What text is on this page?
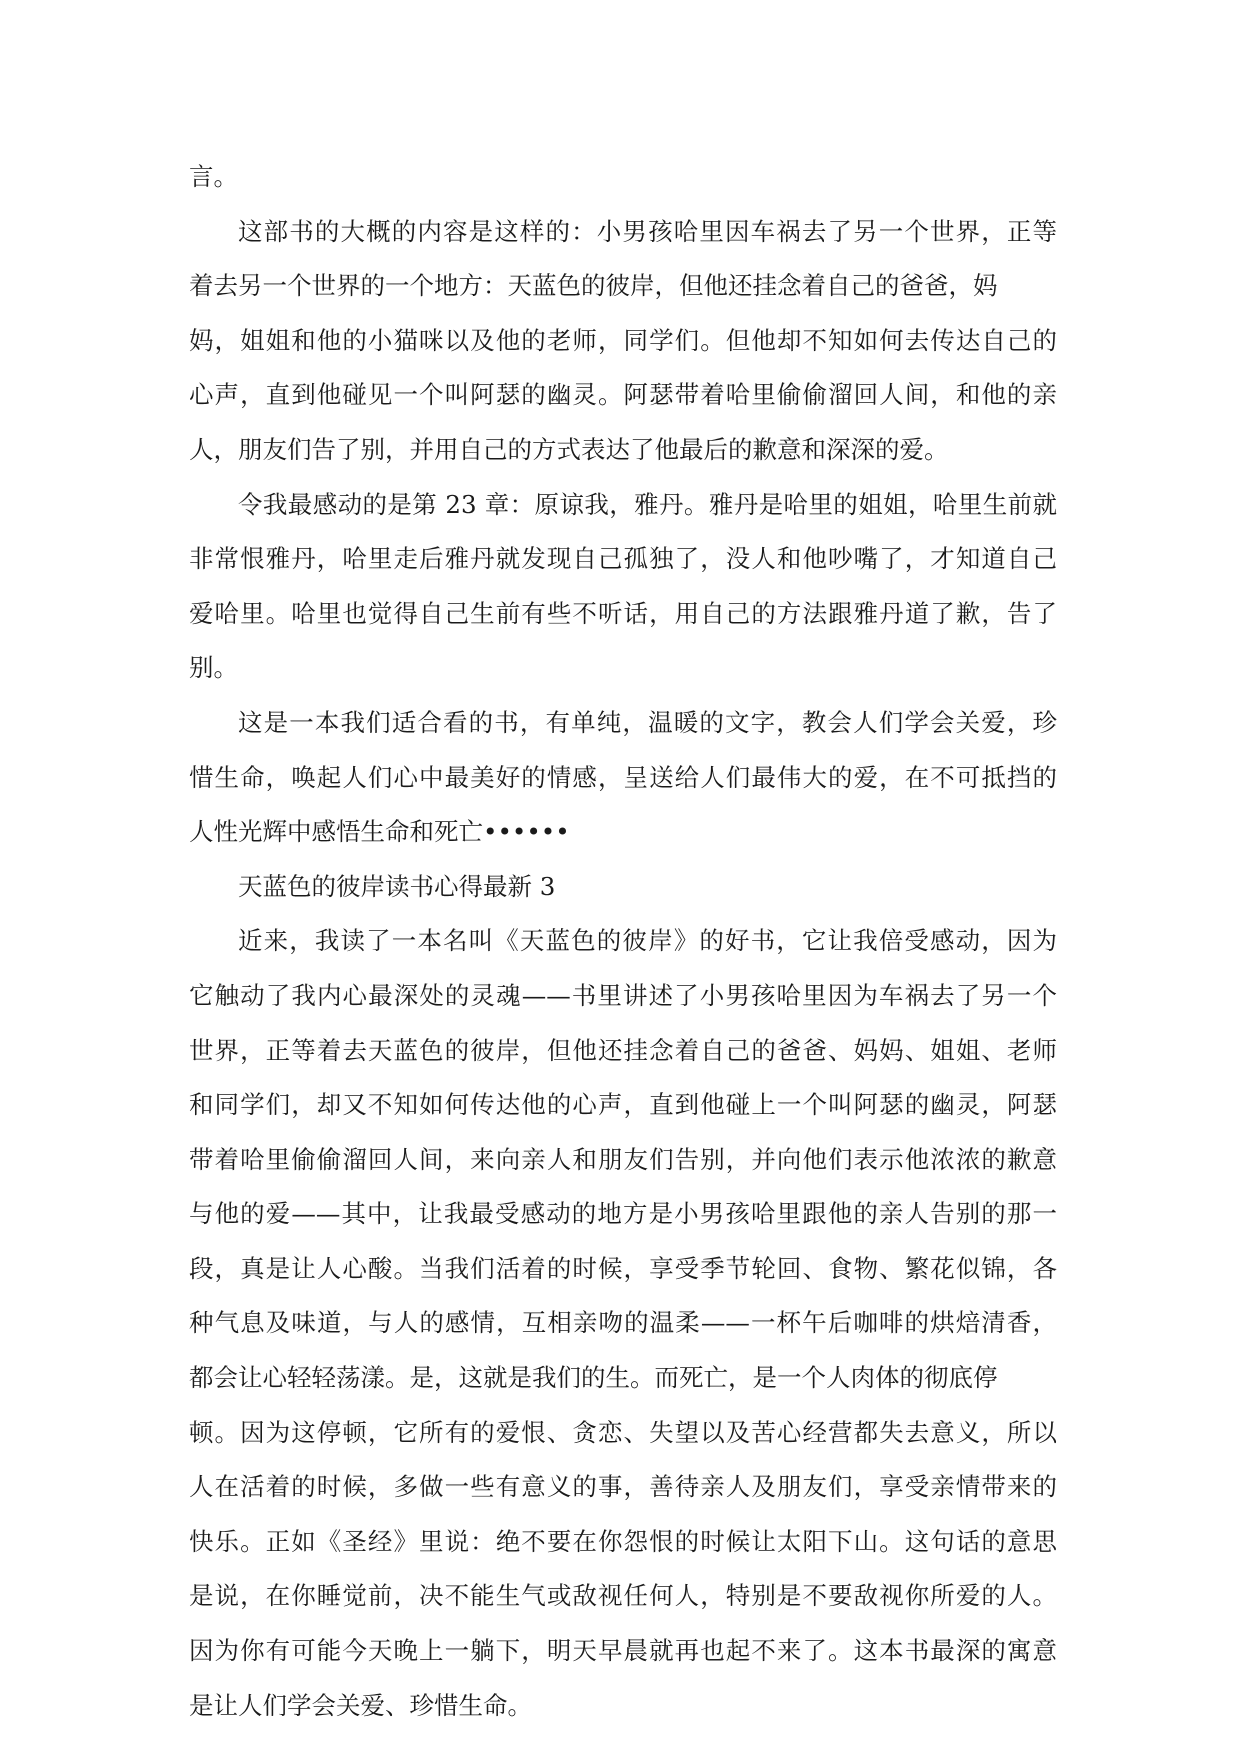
言。
这部书的大概的内容是这样的：小男孩哈里因车祸去了另一个世界，正等
着去另一个世界的一个地方：天蓝色的彼岸，但他还挂念着自己的爸爸，妈
妈，姐姐和他的小猫咪以及他的老师，同学们。但他却不知如何去传达自己的
心声，直到他碰见一个叫阿瑟的幽灵。阿瑟带着哈里偷偷溜回人间，和他的亲
人，朋友们告了别，并用自己的方式表达了他最后的歉意和深深的爱。
令我最感动的是第 23 章：原谅我，雅丹。雅丹是哈里的姐姐，哈里生前就
非常恨雅丹，哈里走后雅丹就发现自己孤独了，没人和他吵嘴了，才知道自己
爱哈里。哈里也觉得自己生前有些不听话，用自己的方法跟雅丹道了歉，告了
别。
这是一本我们适合看的书，有单纯，温暖的文字，教会人们学会关爱，珍
惜生命，唤起人们心中最美好的情感，呈送给人们最伟大的爱，在不可抵挡的
人性光辉中感悟生命和死亡••••••
天蓝色的彼岸读书心得最新 3
近来，我读了一本名叫《天蓝色的彼岸》的好书，它让我倍受感动，因为
它触动了我内心最深处的灵魂——书里讲述了小男孩哈里因为车祸去了另一个
世界，正等着去天蓝色的彼岸，但他还挂念着自己的爸爸、妈妈、姐姐、老师
和同学们，却又不知如何传达他的心声，直到他碰上一个叫阿瑟的幽灵，阿瑟
带着哈里偷偷溜回人间，来向亲人和朋友们告别，并向他们表示他浓浓的歉意
与他的爱——其中，让我最受感动的地方是小男孩哈里跟他的亲人告别的那一
段，真是让人心酸。当我们活着的时候，享受季节轮回、食物、繁花似锦，各
种气息及味道，与人的感情，互相亲吻的温柔——一杯午后咖啡的烘焙清香，
都会让心轻轻荡漾。是，这就是我们的生。而死亡，是一个人肉体的彻底停
顿。因为这停顿，它所有的爱恨、贪恋、失望以及苦心经营都失去意义，所以
人在活着的时候，多做一些有意义的事，善待亲人及朋友们，享受亲情带来的
快乐。正如《圣经》里说：绝不要在你怨恨的时候让太阳下山。这句话的意思
是说，在你睡觉前，决不能生气或敌视任何人，特别是不要敌视你所爱的人。
因为你有可能今天晚上一躺下，明天早晨就再也起不来了。这本书最深的寓意
是让人们学会关爱、珍惜生命。
